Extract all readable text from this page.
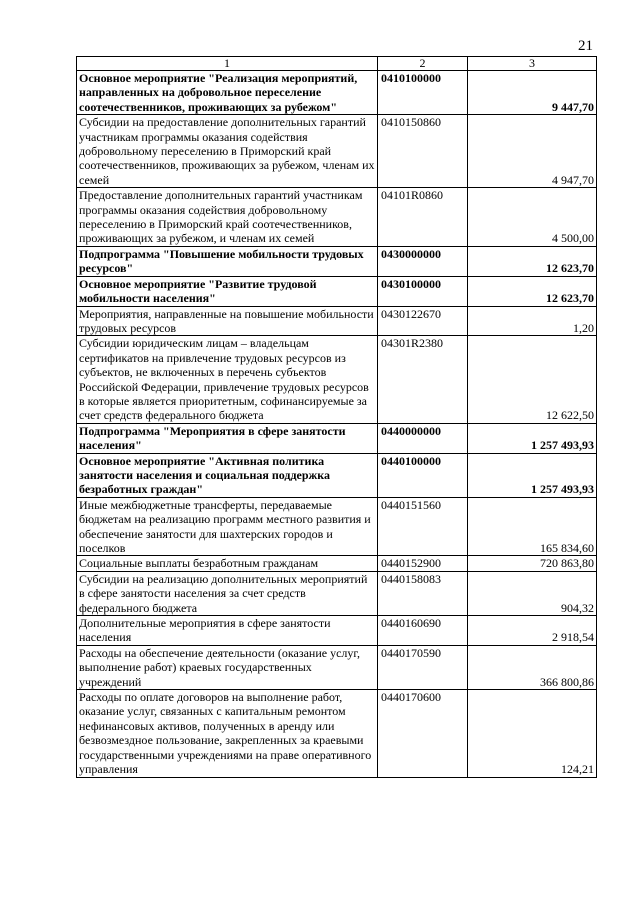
21
1	2	3
Основное мероприятие "Реализация мероприятий, направленных на добровольное переселение соотечественников, проживающих за рубежом"	0410100000	9 447,70
Субсидии на предоставление дополнительных гарантий участникам программы оказания содействия добровольному переселению в Приморский край соотечественников, проживающих за рубежом, членам их семей	0410150860	4 947,70
Предоставление дополнительных гарантий участникам программы оказания содействия добровольному переселению в Приморский край соотечественников, проживающих за рубежом, и членам их семей	04101R0860	4 500,00
Подпрограмма "Повышение мобильности трудовых ресурсов"	0430000000	12 623,70
Основное мероприятие "Развитие трудовой мобильности населения"	0430100000	12 623,70
Мероприятия, направленные на повышение мобильности трудовых ресурсов	0430122670	1,20
Субсидии юридическим лицам – владельцам сертификатов на привлечение трудовых ресурсов из субъектов, не включенных в перечень субъектов Российской Федерации, привлечение трудовых ресурсов в которые является приоритетным, софинансируемые за счет средств федерального бюджета	04301R2380	12 622,50
Подпрограмма "Мероприятия в сфере занятости населения"	0440000000	1 257 493,93
Основное мероприятие "Активная политика занятости населения и социальная поддержка безработных граждан"	0440100000	1 257 493,93
Иные межбюджетные трансферты, передаваемые бюджетам на реализацию программ местного развития и обеспечение занятости для шахтерских городов и поселков	0440151560	165 834,60
Социальные выплаты безработным гражданам	0440152900	720 863,80
Субсидии на реализацию дополнительных мероприятий в сфере занятости населения за счет средств федерального бюджета	0440158083	904,32
Дополнительные мероприятия в сфере занятости населения	0440160690	2 918,54
Расходы на обеспечение деятельности (оказание услуг, выполнение работ) краевых государственных учреждений	0440170590	366 800,86
Расходы по оплате договоров на выполнение работ, оказание услуг, связанных с капитальным ремонтом нефинансовых активов, полученных в аренду или безвозмездное пользование, закрепленных за краевыми государственными учреждениями на праве оперативного управления	0440170600	124,21
